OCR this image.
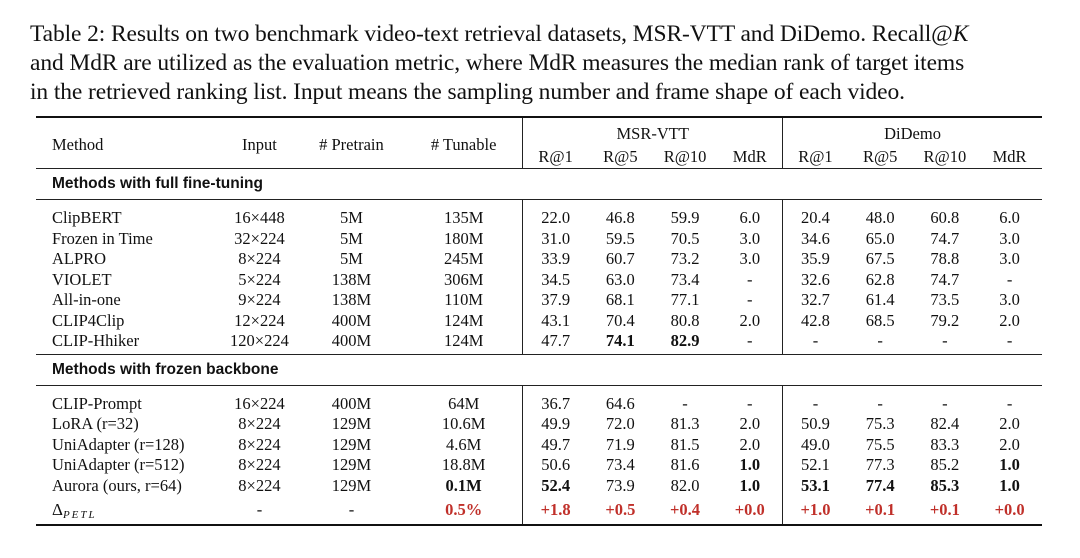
Table 2: Results on two benchmark video-text retrieval datasets, MSR-VTT and DiDemo. Recall@K
and MdR are utilized as the evaluation metric, where MdR measures the median rank of target items
in the retrieved ranking list. Input means the sampling number and frame shape of each video.
Method	Input	# Pretrain	# Tunable	MSR-VTT				DiDemo			
				R@1	R@5	R@10	MdR	R@1	R@5	R@10	MdR
Methods with full fine-tuning											
ClipBERT	16×448	5M	135M	22.0	46.8	59.9	6.0	20.4	48.0	60.8	6.0
Frozen in Time	32×224	5M	180M	31.0	59.5	70.5	3.0	34.6	65.0	74.7	3.0
ALPRO	8×224	5M	245M	33.9	60.7	73.2	3.0	35.9	67.5	78.8	3.0
VIOLET	5×224	138M	306M	34.5	63.0	73.4	-	32.6	62.8	74.7	-
All-in-one	9×224	138M	110M	37.9	68.1	77.1	-	32.7	61.4	73.5	3.0
CLIP4Clip	12×224	400M	124M	43.1	70.4	80.8	2.0	42.8	68.5	79.2	2.0
CLIP-Hhiker	120×224	400M	124M	47.7	74.1	82.9	-	-	-	-	-
Methods with frozen backbone											
CLIP-Prompt	16×224	400M	64M	36.7	64.6	-	-	-	-	-	-
LoRA (r=32)	8×224	129M	10.6M	49.9	72.0	81.3	2.0	50.9	75.3	82.4	2.0
UniAdapter (r=128)	8×224	129M	4.6M	49.7	71.9	81.5	2.0	49.0	75.5	83.3	2.0
UniAdapter (r=512)	8×224	129M	18.8M	50.6	73.4	81.6	1.0	52.1	77.3	85.2	1.0
Aurora (ours, r=64)	8×224	129M	0.1M	52.4	73.9	82.0	1.0	53.1	77.4	85.3	1.0
$\Delta_{PETL}$	-	-	0.5%	+1.8	+0.5	+0.4	+0.0	+1.0	+0.1	+0.1	+0.0
